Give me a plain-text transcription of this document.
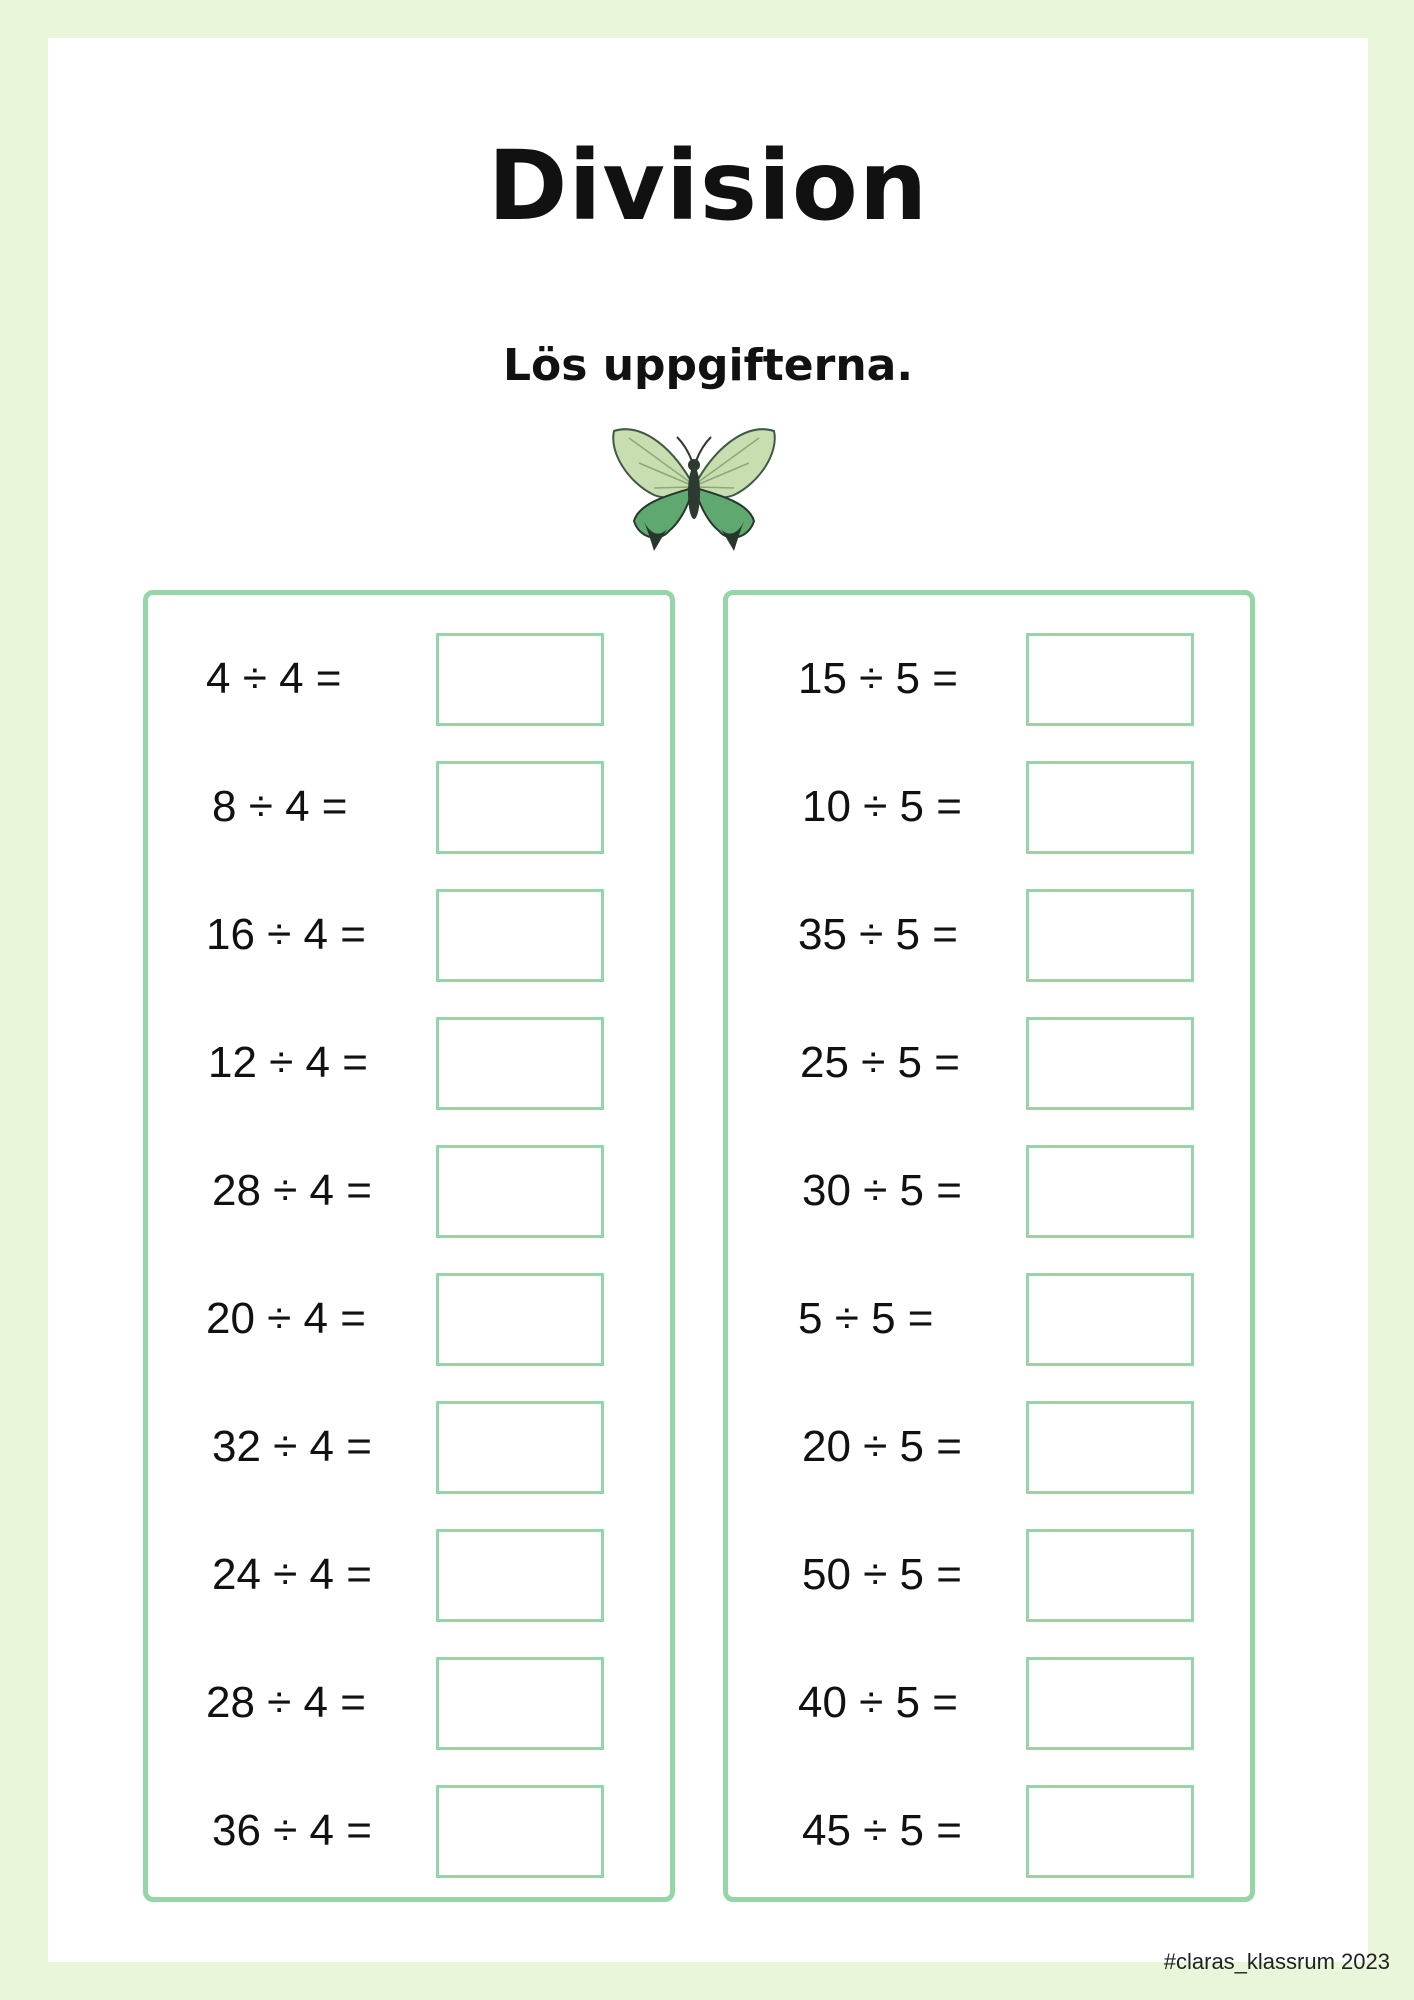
Division

Lös uppgifterna.

4 ÷ 4 =
8 ÷ 4 =
16 ÷ 4 =
12 ÷ 4 =
28 ÷ 4 =
20 ÷ 4 =
32 ÷ 4 =
24 ÷ 4 =
28 ÷ 4 =
36 ÷ 4 =
15 ÷ 5 =
10 ÷ 5 =
35 ÷ 5 =
25 ÷ 5 =
30 ÷ 5 =
5 ÷ 5 =
20 ÷ 5 =
50 ÷ 5 =
40 ÷ 5 =
45 ÷ 5 =
#claras_klassrum 2023
